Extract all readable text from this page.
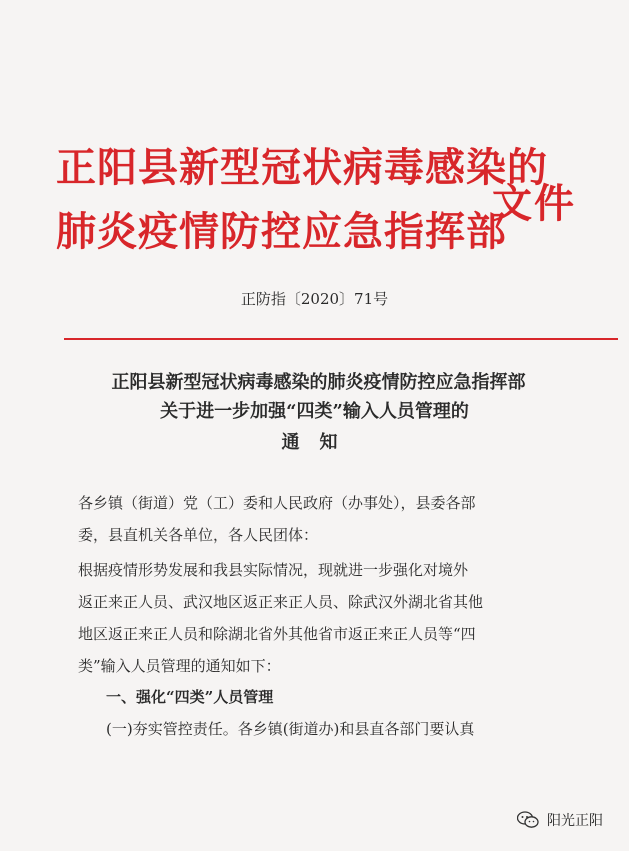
正阳县新型冠状病毒感染的
肺炎疫情防控应急指挥部
文件
正防指〔2020〕71号
正阳县新型冠状病毒感染的肺炎疫情防控应急指挥部
关于进一步加强“四类”输入人员管理的
通知
各乡镇（街道）党（工）委和人民政府（办事处），县委各部
委，县直机关各单位，各人民团体：
根据疫情形势发展和我县实际情况，现就进一步强化对境外
返正来正人员、武汉地区返正来正人员、除武汉外湖北省其他
地区返正来正人员和除湖北省外其他省市返正来正人员等“四
类”输入人员管理的通知如下：
一、强化“四类”人员管理
(一)夯实管控责任。各乡镇(街道办)和县直各部门要认真
阳光正阳
